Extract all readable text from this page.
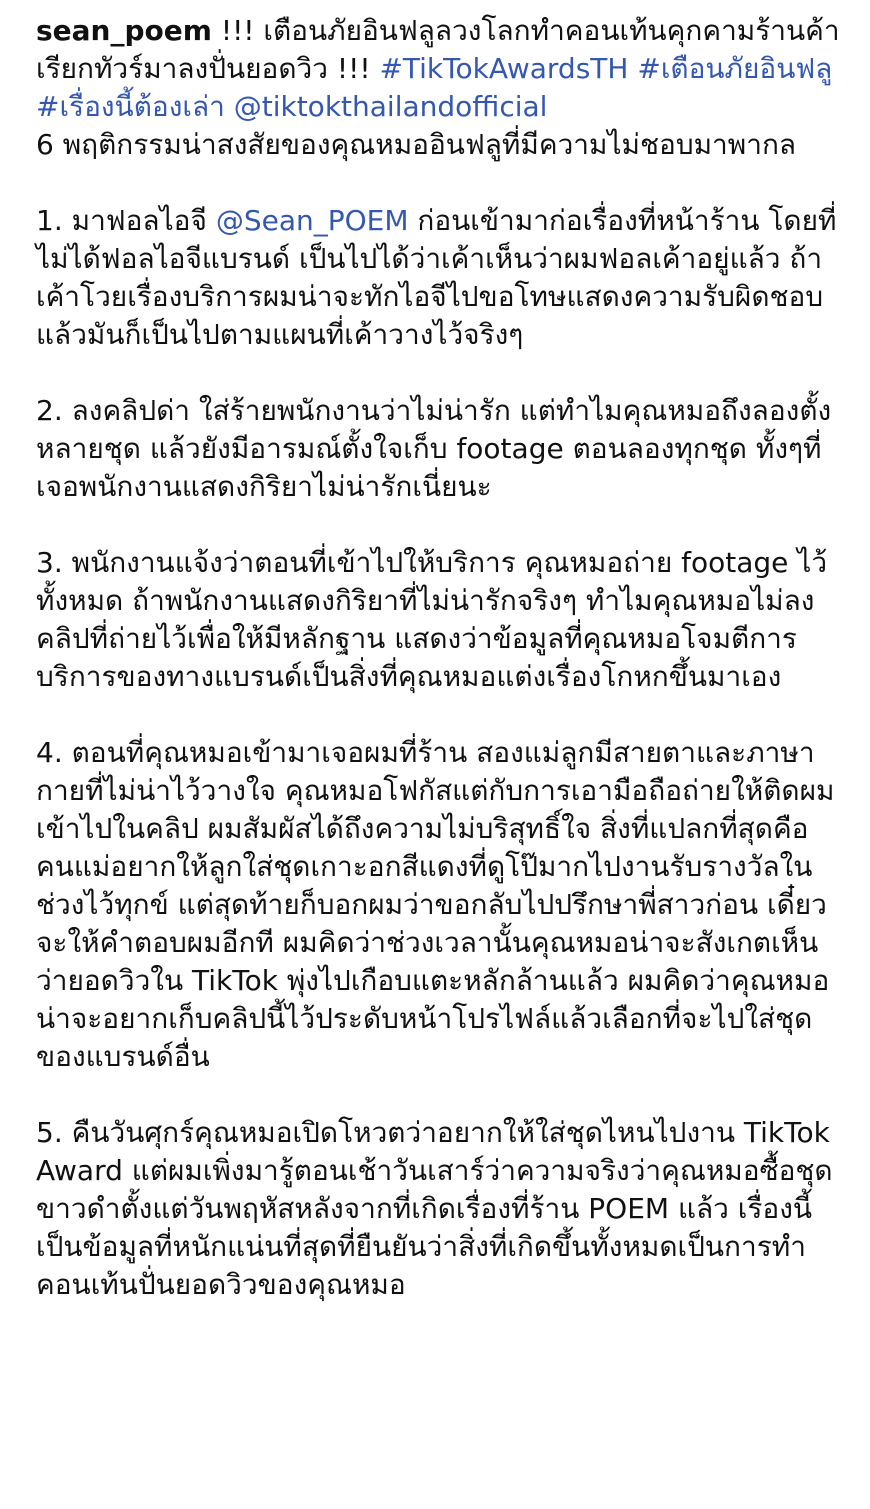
sean_poem !!! เตือนภัยอินฟลูลวงโลกทำคอนเท้นคุกคามร้านค้าเรียกทัวร์มาลงปั่นยอดวิว !!! #TikTokAwardsTH #เตือนภัยอินฟลู #เรื่องนี้ต้องเล่า @tiktokthailandofficial

6 พฤติกรรมน่าสงสัยของคุณหมออินฟลูที่มีความไม่ชอบมาพากล

1. มาฟอลไอจี @Sean_POEM ก่อนเข้ามาก่อเรื่องที่หน้าร้าน โดยที่ไม่ได้ฟอลไอจีแบรนด์ เป็นไปได้ว่าเค้าเห็นว่าผมฟอลเค้าอยู่แล้ว ถ้าเค้าโวยเรื่องบริการผมน่าจะทักไอจีไปขอโทษแสดงความรับผิดชอบ แล้วมันก็เป็นไปตามแผนที่เค้าวางไว้จริงๆ

2. ลงคลิปด่า ใส่ร้ายพนักงานว่าไม่น่ารัก แต่ทำไมคุณหมอถึงลองตั้งหลายชุด แล้วยังมีอารมณ์ตั้งใจเก็บ footage ตอนลองทุกชุด ทั้งๆที่เจอพนักงานแสดงกิริยาไม่น่ารักเนี่ยนะ

3. พนักงานแจ้งว่าตอนที่เข้าไปให้บริการ คุณหมอถ่าย footage ไว้ทั้งหมด ถ้าพนักงานแสดงกิริยาที่ไม่น่ารักจริงๆ ทำไมคุณหมอไม่ลงคลิปที่ถ่ายไว้เพื่อให้มีหลักฐาน แสดงว่าข้อมูลที่คุณหมอโจมตีการบริการของทางแบรนด์เป็นสิ่งที่คุณหมอแต่งเรื่องโกหกขึ้นมาเอง

4. ตอนที่คุณหมอเข้ามาเจอผมที่ร้าน สองแม่ลูกมีสายตาและภาษากายที่ไม่น่าไว้วางใจ คุณหมอโฟกัสแต่กับการเอามือถือถ่ายให้ติดผมเข้าไปในคลิป ผมสัมผัสได้ถึงความไม่บริสุทธิ์ใจ สิ่งที่แปลกที่สุดคือคนแม่อยากให้ลูกใส่ชุดเกาะอกสีแดงที่ดูโป๊มากไปงานรับรางวัลในช่วงไว้ทุกข์ แต่สุดท้ายก็บอกผมว่าขอกลับไปปรึกษาพี่สาวก่อน เดี๋ยวจะให้คำตอบผมอีกที ผมคิดว่าช่วงเวลานั้นคุณหมอน่าจะสังเกตเห็นว่ายอดวิวใน TikTok พุ่งไปเกือบแตะหลักล้านแล้ว ผมคิดว่าคุณหมอน่าจะอยากเก็บคลิปนี้ไว้ประดับหน้าโปรไฟล์แล้วเลือกที่จะไปใส่ชุดของแบรนด์อื่น

5. คืนวันศุกร์คุณหมอเปิดโหวตว่าอยากให้ใส่ชุดไหนไปงาน TikTok Award แต่ผมเพิ่งมารู้ตอนเช้าวันเสาร์ว่าความจริงว่าคุณหมอซื้อชุดขาวดำตั้งแต่วันพฤหัสหลังจากที่เกิดเรื่องที่ร้าน POEM แล้ว เรื่องนี้เป็นข้อมูลที่หนักแน่นที่สุดที่ยืนยันว่าสิ่งที่เกิดขึ้นทั้งหมดเป็นการทำคอนเท้นปั่นยอดวิวของคุณหมอ
